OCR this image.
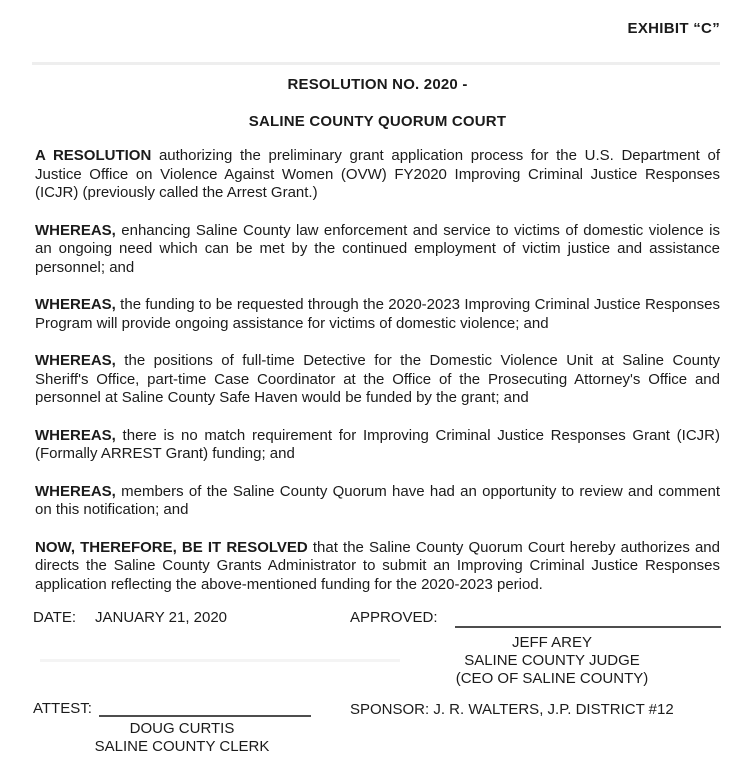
EXHIBIT “C”
RESOLUTION NO. 2020 -
SALINE COUNTY QUORUM COURT

A RESOLUTION authorizing the preliminary grant application process for the U.S. Department of Justice Office on Violence Against Women (OVW) FY2020 Improving Criminal Justice Responses (ICJR) (previously called the Arrest Grant.)

WHEREAS, enhancing Saline County law enforcement and service to victims of domestic violence is an ongoing need which can be met by the continued employment of victim justice and assistance personnel; and

WHEREAS, the funding to be requested through the 2020-2023 Improving Criminal Justice Responses Program will provide ongoing assistance for victims of domestic violence; and

WHEREAS, the positions of full-time Detective for the Domestic Violence Unit at Saline County Sheriff's Office, part-time Case Coordinator at the Office of the Prosecuting Attorney's Office and personnel at Saline County Safe Haven would be funded by the grant; and

WHEREAS, there is no match requirement for Improving Criminal Justice Responses Grant (ICJR) (Formally ARREST Grant) funding; and

WHEREAS, members of the Saline County Quorum have had an opportunity to review and comment on this notification; and

NOW, THEREFORE, BE IT RESOLVED that the Saline County Quorum Court hereby authorizes and directs the Saline County Grants Administrator to submit an Improving Criminal Justice Responses application reflecting the above-mentioned funding for the 2020-2023 period.

DATE: JANUARY 21, 2020	APPROVED:
JEFF AREY
SALINE COUNTY JUDGE
(CEO OF SALINE COUNTY)
ATTEST:
DOUG CURTIS
SALINE COUNTY CLERK
SPONSOR: J. R. WALTERS, J.P. DISTRICT #12
